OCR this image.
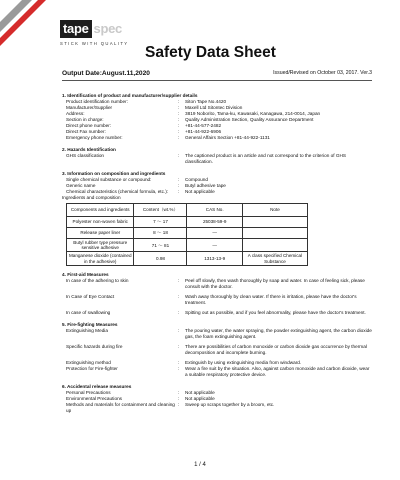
tape spec
STICK WITH QUALITY
Safety Data Sheet
Output Date:August.11,2020	Issued/Revised on October 03, 2017. Ver.3
1. Identification of product and manufacturer/supplier details
Product identification number:	:	Siton Tape No.4420
Manufacturer/Supplier	:	Maxell Ltd Sitontec Division
Address:	:	3819 Noborito, Tama-ku, Kawasaki, Kanagawa, 214-0014, Japan
Section in charge:	:	Quality Administration Section, Quality Assurance Department
Direct phone number:	:	+81-44-577-2482
Direct Fax number:	:	+81-44-922-6906
Emergency phone number:	:	General Affairs Section +81-44-922-1131
2. Hazards Identification
GHS classification	:	The captioned product is an article and not correspond to the criterion of GHS classification.
3. Information on composition and ingredients
Single chemical substance or compound:	:	Compound
Generic name	:	Butyl adhesive tape
Chemical characteristics (chemical formula, etc.):	:	Not applicable
Ingredients and composition
Components and ingredients	Content（wt.%）	CAS No.	Note
Polyester non-woven fabric	7 ～ 17	25038-59-9	
Release paper liner	8 ～ 18	—	
Butyl rubber type pressure sensitive adhesive	71 ～ 81	—	
Manganese dioxide (contained in the adhesive)	0.98	1313-13-9	A class specified Chemical Substance
4. First-aid Measures
In case of the adhering to skin	:	Peel off slowly, then wash thoroughly by soap and water. In case of feeling sick, please consult with the doctor.
In Case of Eye Contact	:	Wash away thoroughly by clean water. If there is irritation, please have the doctor's treatment.
In case of swallowing	:	Spitting out as possible, and if you feel abnormality, please have the doctor's treatment.
5. Fire-fighting Measures
Extinguishing Media	:	The pouring water, the water spraying, the powder extinguishing agent, the carbon dioxide gas, the foam extinguishing agent.
Specific hazards during fire	:	There are possibilities of carbon monoxide or carbon dioxide gas occurrence by thermal decomposition and incomplete burning.
Extinguishing method	:	Extinguish by using extinguishing media from windward.
Protection for Fire-fighter	:	Wear a fire suit by the situation. Also, against carbon monoxide and carbon dioxide, wear a suitable respiratory protective device.
6. Accidental release measures
Personal Precautions	:	Not applicable
Environmental Precautions	:	Not applicable
Methods and materials for containment and cleaning up
:	Sweep up scraps together by a broom, etc.
1 / 4
